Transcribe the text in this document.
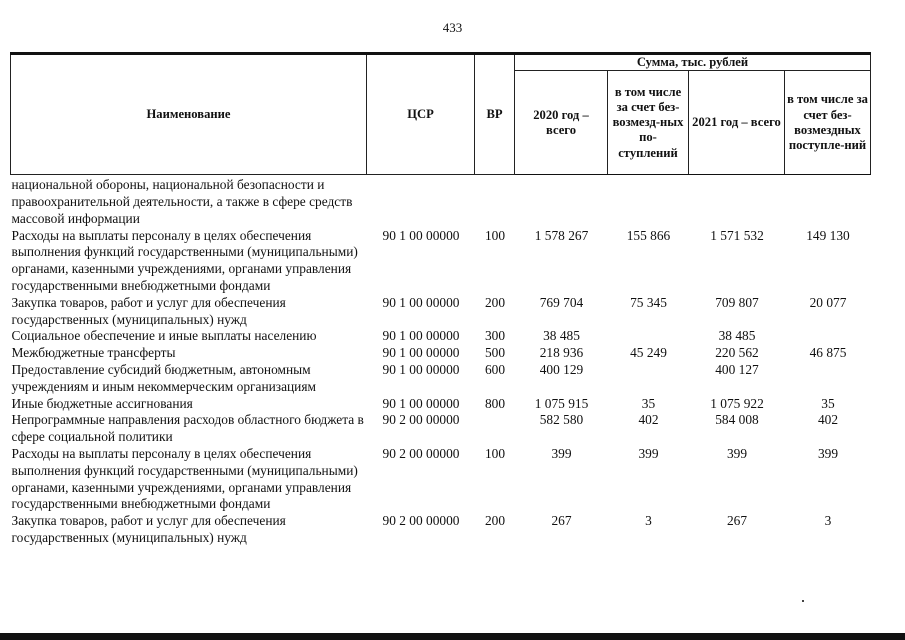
433
Наименование	ЦСР	ВР	Сумма, тыс. рублей			
			2020 год – всего	в том числе за счет без-возмезд-ных по-ступлений	2021 год – всего	в том числе за счет без-возмездных поступле-ний
национальной обороны, национальной безопасности и правоохранительной деятельности, а также в сфере средств массовой информации						
Расходы на выплаты персоналу в целях обеспечения выполнения функций государственными (муниципальными) органами, казенными учреждениями, органами управления государственными внебюджетными фондами	90 1 00 00000	100	1 578 267	155 866	1 571 532	149 130
Закупка товаров, работ и услуг для обеспечения государственных (муниципальных) нужд	90 1 00 00000	200	769 704	75 345	709 807	20 077
Социальное обеспечение и иные выплаты населению	90 1 00 00000	300	38 485		38 485	
Межбюджетные трансферты	90 1 00 00000	500	218 936	45 249	220 562	46 875
Предоставление субсидий бюджетным, автономным учреждениям и иным некоммерческим организациям	90 1 00 00000	600	400 129		400 127	
Иные бюджетные ассигнования	90 1 00 00000	800	1 075 915	35	1 075 922	35
Непрограммные направления расходов областного бюджета в сфере социальной политики	90 2 00 00000		582 580	402	584 008	402
Расходы на выплаты персоналу в целях обеспечения выполнения функций государственными (муниципальными) органами, казенными учреждениями, органами управления государственными внебюджетными фондами	90 2 00 00000	100	399	399	399	399
Закупка товаров, работ и услуг для обеспечения государственных (муниципальных) нужд	90 2 00 00000	200	267	3	267	3
